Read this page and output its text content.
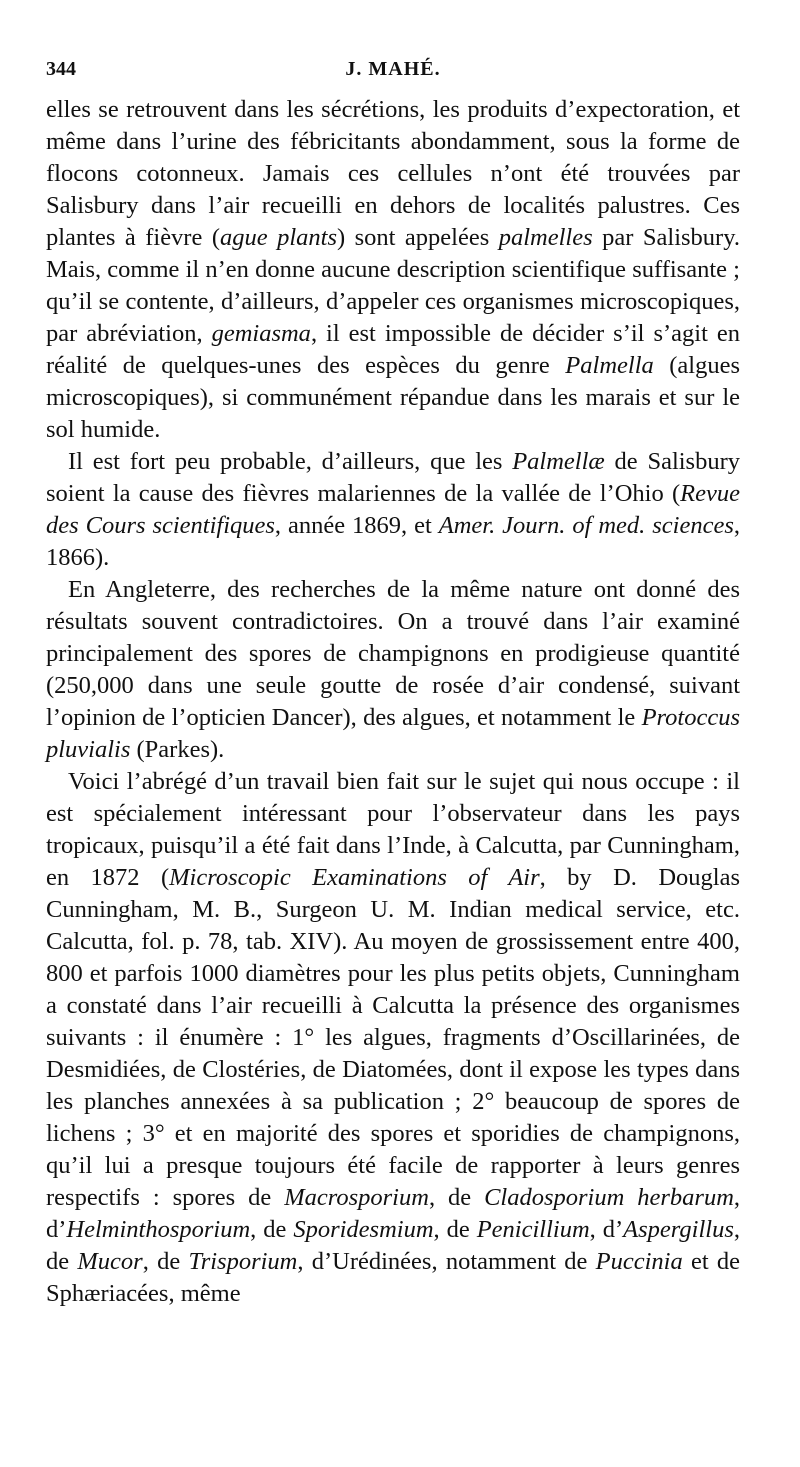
344	J. MAHÉ.

elles se retrouvent dans les sécrétions, les produits d’expectoration, et même dans l’urine des fébricitants abondamment, sous la forme de flocons cotonneux. Jamais ces cellules n’ont été trouvées par Salisbury dans l’air recueilli en dehors de localités palustres. Ces plantes à fièvre (ague plants) sont appelées palmelles par Salisbury. Mais, comme il n’en donne aucune description scientifique suffisante ; qu’il se contente, d’ailleurs, d’appeler ces organismes microscopiques, par abréviation, gemiasma, il est impossible de décider s’il s’agit en réalité de quelques-unes des espèces du genre Palmella (algues microscopiques), si communément répandue dans les marais et sur le sol humide.

Il est fort peu probable, d’ailleurs, que les Palmellæ de Salisbury soient la cause des fièvres malariennes de la vallée de l’Ohio (Revue des Cours scientifiques, année 1869, et Amer. Journ. of med. sciences, 1866).

En Angleterre, des recherches de la même nature ont donné des résultats souvent contradictoires. On a trouvé dans l’air examiné principalement des spores de champignons en prodigieuse quantité (250,000 dans une seule goutte de rosée d’air condensé, suivant l’opinion de l’opticien Dancer), des algues, et notamment le Protoccus pluvialis (Parkes).

Voici l’abrégé d’un travail bien fait sur le sujet qui nous occupe : il est spécialement intéressant pour l’observateur dans les pays tropicaux, puisqu’il a été fait dans l’Inde, à Calcutta, par Cunningham, en 1872 (Microscopic Examinations of Air, by D. Douglas Cunningham, M. B., Surgeon U. M. Indian medical service, etc. Calcutta, fol. p. 78, tab. XIV). Au moyen de grossissement entre 400, 800 et parfois 1000 diamètres pour les plus petits objets, Cunningham a constaté dans l’air recueilli à Calcutta la présence des organismes suivants : il énumère : 1° les algues, fragments d’Oscillarinées, de Desmidiées, de Clostéries, de Diatomées, dont il expose les types dans les planches annexées à sa publication ; 2° beaucoup de spores de lichens ; 3° et en majorité des spores et sporidies de champignons, qu’il lui a presque toujours été facile de rapporter à leurs genres respectifs : spores de Macrosporium, de Cladosporium herbarum, d’Helminthosporium, de Sporidesmium, de Penicillium, d’Aspergillus, de Mucor, de Trisporium, d’Urédinées, notamment de Puccinia et de Sphæriacées, même
